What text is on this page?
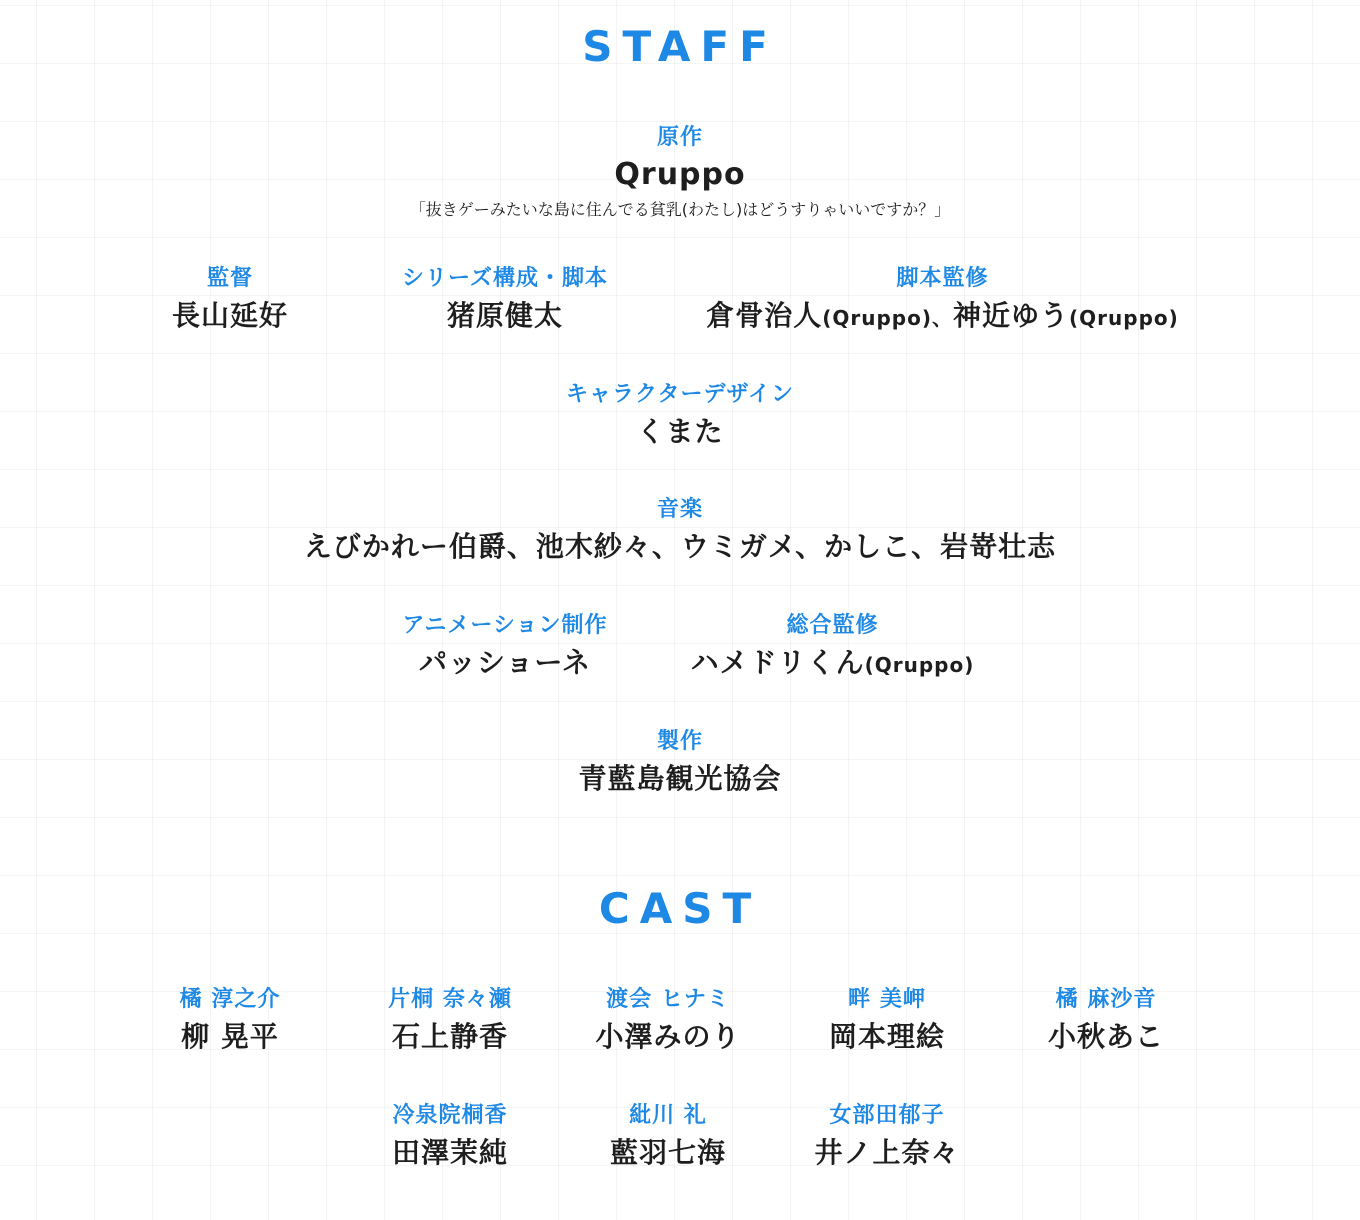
STAFF
原作
Qruppo
「抜きゲーみたいな島に住んでる貧乳(わたし)はどうすりゃいいですか？」
監督
長山延好
シリーズ構成・脚本
猪原健太
脚本監修
倉骨治人(Qruppo)、神近ゆう(Qruppo)
キャラクターデザイン
くまた
音楽
えびかれー伯爵、池木紗々、ウミガメ、かしこ、岩嵜壮志
アニメーション制作
パッショーネ
総合監修
ハメドリくん(Qruppo)
製作
青藍島観光協会
CAST
橘 淳之介
柳 晃平
片桐 奈々瀬
石上静香
渡会 ヒナミ
小澤みのり
畔 美岬
岡本理絵
橘 麻沙音
小秋あこ
冷泉院桐香
田澤茉純
紕川 礼
藍羽七海
女部田郁子
井ノ上奈々
